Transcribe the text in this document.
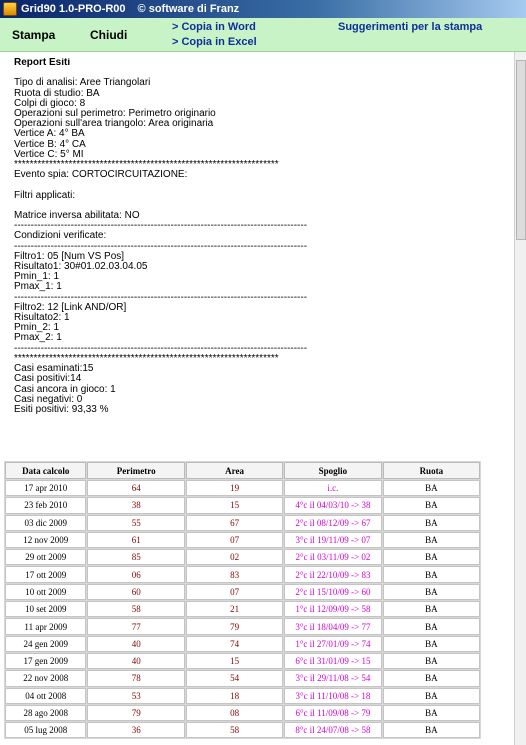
Grid90 1.0-PRO-R00 © software di Franz
Stampa	Chiudi
> Copia in Word
> Copia in Excel
Suggerimenti per la stampa
Report Esiti

Tipo di analisi: Aree Triangolari
Ruota di studio: BA
Colpi di gioco: 8
Operazioni sul perimetro: Perimetro originario
Operazioni sull'area triangolo: Area originaria
Vertice A: 4° BA
Vertice B: 4° CA
Vertice C: 5° MI
********************************************************************
Evento spia: CORTOCIRCUITAZIONE:

Filtri applicati:

Matrice inversa abilitata: NO
----------------------------------------------------------------------------------------
Condizioni verificate:
----------------------------------------------------------------------------------------
Filtro1: 05 [Num VS Pos]
Risultato1: 30#01.02.03.04.05
Pmin_1: 1
Pmax_1: 1
----------------------------------------------------------------------------------------
Filtro2: 12 [Link AND/OR]
Risultato2: 1
Pmin_2: 1
Pmax_2: 1
----------------------------------------------------------------------------------------
********************************************************************
Casi esaminati:15
Casi positivi:14
Casi ancora in gioco: 1
Casi negativi: 0
Esiti positivi: 93,33 %
Data calcolo	Perimetro	Area	Spoglio	Ruota
17 apr 2010	64	19	i.c.	BA
23 feb 2010	38	15	4°c il 04/03/10 -> 38	BA
03 dic 2009	55	67	2°c il 08/12/09 -> 67	BA
12 nov 2009	61	07	3°c il 19/11/09 -> 07	BA
29 ott 2009	85	02	2°c il 03/11/09 -> 02	BA
17 ott 2009	06	83	2°c il 22/10/09 -> 83	BA
10 ott 2009	60	07	2°c il 15/10/09 -> 60	BA
10 set 2009	58	21	1°c il 12/09/09 -> 58	BA
11 apr 2009	77	79	3°c il 18/04/09 -> 77	BA
24 gen 2009	40	74	1°c il 27/01/09 -> 74	BA
17 gen 2009	40	15	6°c il 31/01/09 -> 15	BA
22 nov 2008	78	54	3°c il 29/11/08 -> 54	BA
04 ott 2008	53	18	3°c il 11/10/08 -> 18	BA
28 ago 2008	79	08	6°c il 11/09/08 -> 79	BA
05 lug 2008	36	58	8°c il 24/07/08 -> 58	BA
